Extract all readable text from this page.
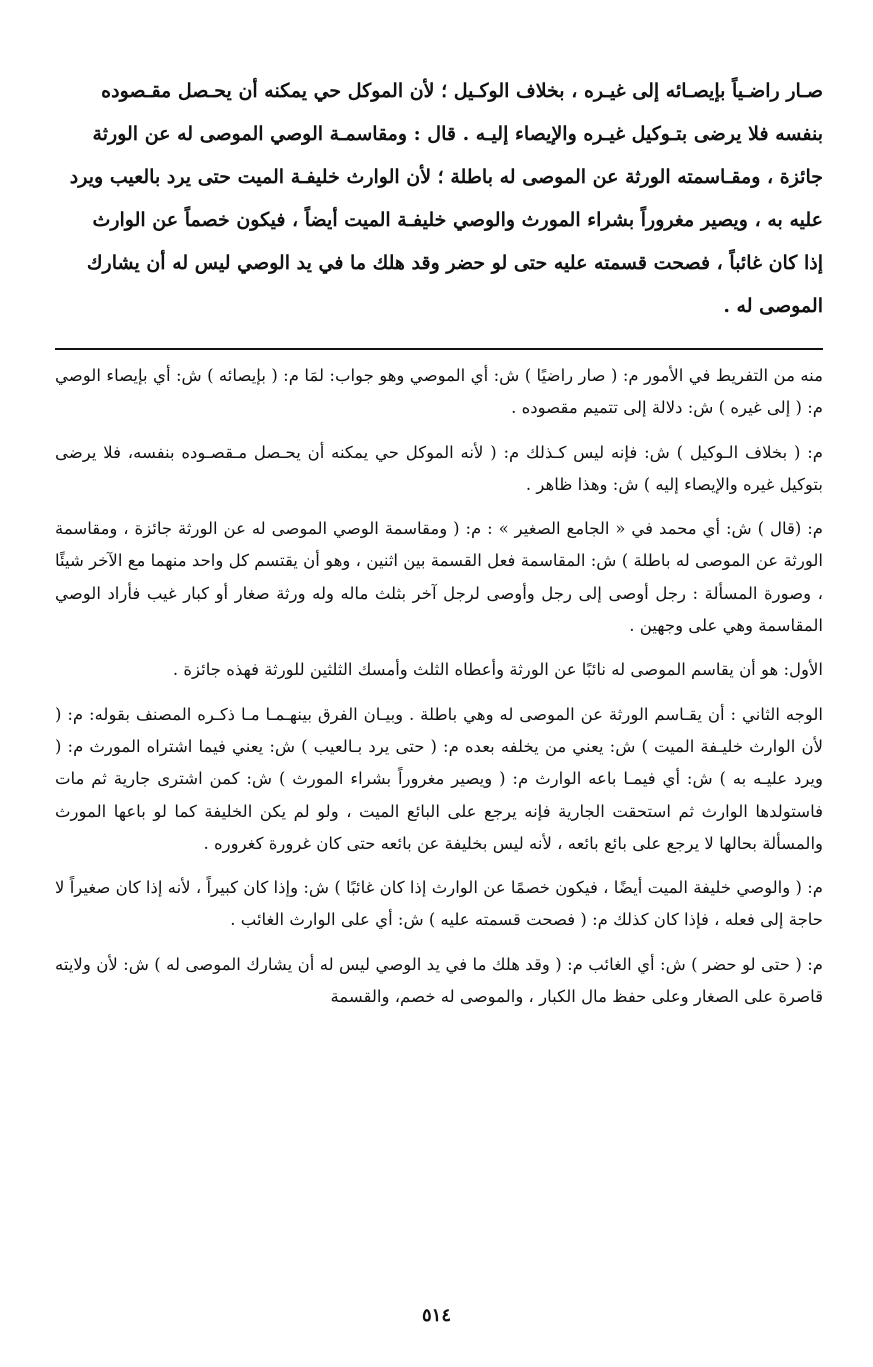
صـار راضـياً بإيصـائه إلى غيـره ، بخلاف الوكـيل ؛ لأن الموكل حي يمكنه أن يحـصل مقـصوده

بنفسه فلا يرضى بتـوكيل غيـره والإيصاء إليـه . قال : ومقاسمـة الوصي الموصى له عن الورثة

جائزة ، ومقـاسمته الورثة عن الموصى له باطلة ؛ لأن الوارث خليفـة الميت حتى يرد بالعيب ويرد

عليه به ، ويصير مغروراً بشراء المورث والوصي خليفـة الميت أيضاً ، فيكون خصماً عن الوارث

إذا كان غائباً ، فصحت قسمته عليه حتى لو حضر وقد هلك ما في يد الوصي ليس له أن يشارك

الموصى له .

منه من التفريط في الأمور م: ( صار راضيًا ) ش: أي الموصي وهو جواب: لمَا م: ( بإيصائه ) ش: أي بإيصاء الوصي م: ( إلى غيره ) ش: دلالة إلى تتميم مقصوده .

م: ( بخلاف الـوكيل ) ش: فإنه ليس كـذلك م: ( لأنه الموكل حي يمكنه أن يحـصل مـقصـوده بنفسه، فلا يرضى بتوكيل غيره والإيصاء إليه ) ش: وهذا ظاهر .

م: (قال ) ش: أي محمد في « الجامع الصغير » : م: ( ومقاسمة الوصي الموصى له عن الورثة جائزة ، ومقاسمة الورثة عن الموصى له باطلة ) ش: المقاسمة فعل القسمة بين اثنين ، وهو أن يقتسم كل واحد منهما مع الآخر شيئًا ، وصورة المسألة : رجل أوصى إلى رجل وأوصى لرجل آخر بثلث ماله وله ورثة صغار أو كبار غيب فأراد الوصي المقاسمة وهي على وجهين .

الأول: هو أن يقاسم الموصى له نائبًا عن الورثة وأعطاه الثلث وأمسك الثلثين للورثة فهذه جائزة .

الوجه الثاني : أن يقـاسم الورثة عن الموصى له وهي باطلة . وبيـان الفرق بينهـمـا مـا ذكـره المصنف بقوله: م: ( لأن الوارث خليـفة الميت ) ش: يعني من يخلفه بعده م: ( حتى يرد بـالعيب ) ش: يعني فيما اشتراه المورث م: ( ويرد عليـه به ) ش: أي فيمـا باعه الوارث م: ( ويصير مغروراً بشراء المورث ) ش: كمن اشترى جارية ثم مات فاستولدها الوارث ثم استحقت الجارية فإنه يرجع على البائع الميت ، ولو لم يكن الخليفة كما لو باعها المورث والمسألة بحالها لا يرجع على بائع بائعه ، لأنه ليس بخليفة عن بائعه حتى كان غرورة كغروره .

م: ( والوصي خليفة الميت أيضًا ، فيكون خصمًا عن الوارث إذا كان غائبًا ) ش: وإذا كان كبيراً ، لأنه إذا كان صغيراً لا حاجة إلى فعله ، فإذا كان كذلك م: ( فصحت قسمته عليه ) ش: أي على الوارث الغائب .

م: ( حتى لو حضر ) ش: أي الغائب م: ( وقد هلك ما في يد الوصي ليس له أن يشارك الموصى له ) ش: لأن ولايته قاصرة على الصغار وعلى حفظ مال الكبار ، والموصى له خصم، والقسمة

٥١٤
